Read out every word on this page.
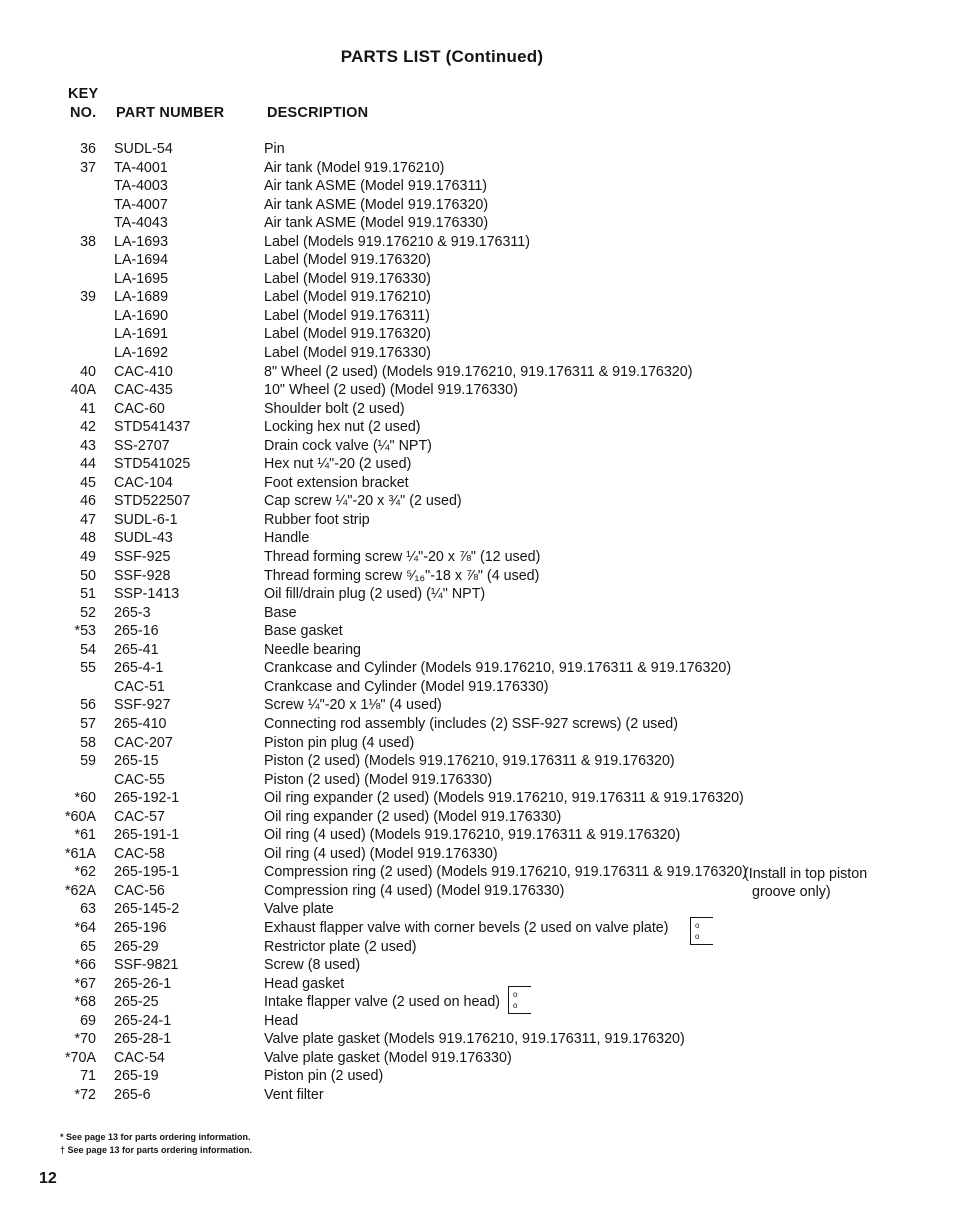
PARTS LIST (Continued)
KEY
NO. PART NUMBER	DESCRIPTION
36 SUDL-54	Pin
37 TA-4001	Air tank (Model 919.176210)
TA-4003	Air tank ASME (Model 919.176311)
TA-4007	Air tank ASME (Model 919.176320)
TA-4043	Air tank ASME (Model 919.176330)
38 LA-1693	Label (Models 919.176210 & 919.176311)
LA-1694	Label (Model 919.176320)
LA-1695	Label (Model 919.176330)
39 LA-1689	Label (Model 919.176210)
LA-1690	Label (Model 919.176311)
LA-1691	Label (Model 919.176320)
LA-1692	Label (Model 919.176330)
40 CAC-410	8" Wheel (2 used) (Models 919.176210, 919.176311 & 919.176320)
40A CAC-435	10" Wheel (2 used) (Model 919.176330)
41 CAC-60	Shoulder bolt (2 used)
42 STD541437	Locking hex nut (2 used)
43 SS-2707	Drain cock valve (¼" NPT)
44 STD541025	Hex nut ¼"-20 (2 used)
45 CAC-104	Foot extension bracket
46 STD522507	Cap screw ¼"-20 x ¾" (2 used)
47 SUDL-6-1	Rubber foot strip
48 SUDL-43	Handle
49 SSF-925	Thread forming screw ¼"-20 x ⅞" (12 used)
50 SSF-928	Thread forming screw ⁵⁄₁₆"-18 x ⅞" (4 used)
51 SSP-1413	Oil fill/drain plug (2 used) (¼" NPT)
52 265-3	Base
*53 265-16	Base gasket
54 265-41	Needle bearing
55 265-4-1	Crankcase and Cylinder (Models 919.176210, 919.176311 & 919.176320)
CAC-51	Crankcase and Cylinder (Model 919.176330)
56 SSF-927	Screw ¼"-20 x 1⅛" (4 used)
57 265-410	Connecting rod assembly (includes (2) SSF-927 screws) (2 used)
58 CAC-207	Piston pin plug (4 used)
59 265-15	Piston (2 used) (Models 919.176210, 919.176311 & 919.176320)
CAC-55	Piston (2 used) (Model 919.176330)
*60 265-192-1	Oil ring expander (2 used) (Models 919.176210, 919.176311 & 919.176320)
*60A CAC-57	Oil ring expander (2 used) (Model 919.176330)
*61 265-191-1	Oil ring (4 used) (Models 919.176210, 919.176311 & 919.176320)
*61A CAC-58	Oil ring (4 used) (Model 919.176330)
*62 265-195-1	Compression ring (2 used) (Models 919.176210, 919.176311 & 919.176320)
*62A CAC-56	Compression ring (4 used) (Model 919.176330)
63 265-145-2	Valve plate
*64 265-196	Exhaust flapper valve with corner bevels (2 used on valve plate)
65 265-29	Restrictor plate (2 used)
*66 SSF-9821	Screw (8 used)
*67 265-26-1	Head gasket
*68 265-25	Intake flapper valve (2 used on head)
69 265-24-1	Head
*70 265-28-1	Valve plate gasket (Models 919.176210, 919.176311, 919.176320)
*70A CAC-54	Valve plate gasket (Model 919.176330)
71 265-19	Piston pin (2 used)
*72 265-6	Vent filter
(Install in top piston
groove only)
o
o
o
o
* See page 13 for parts ordering information.
† See page 13 for parts ordering information.
12
